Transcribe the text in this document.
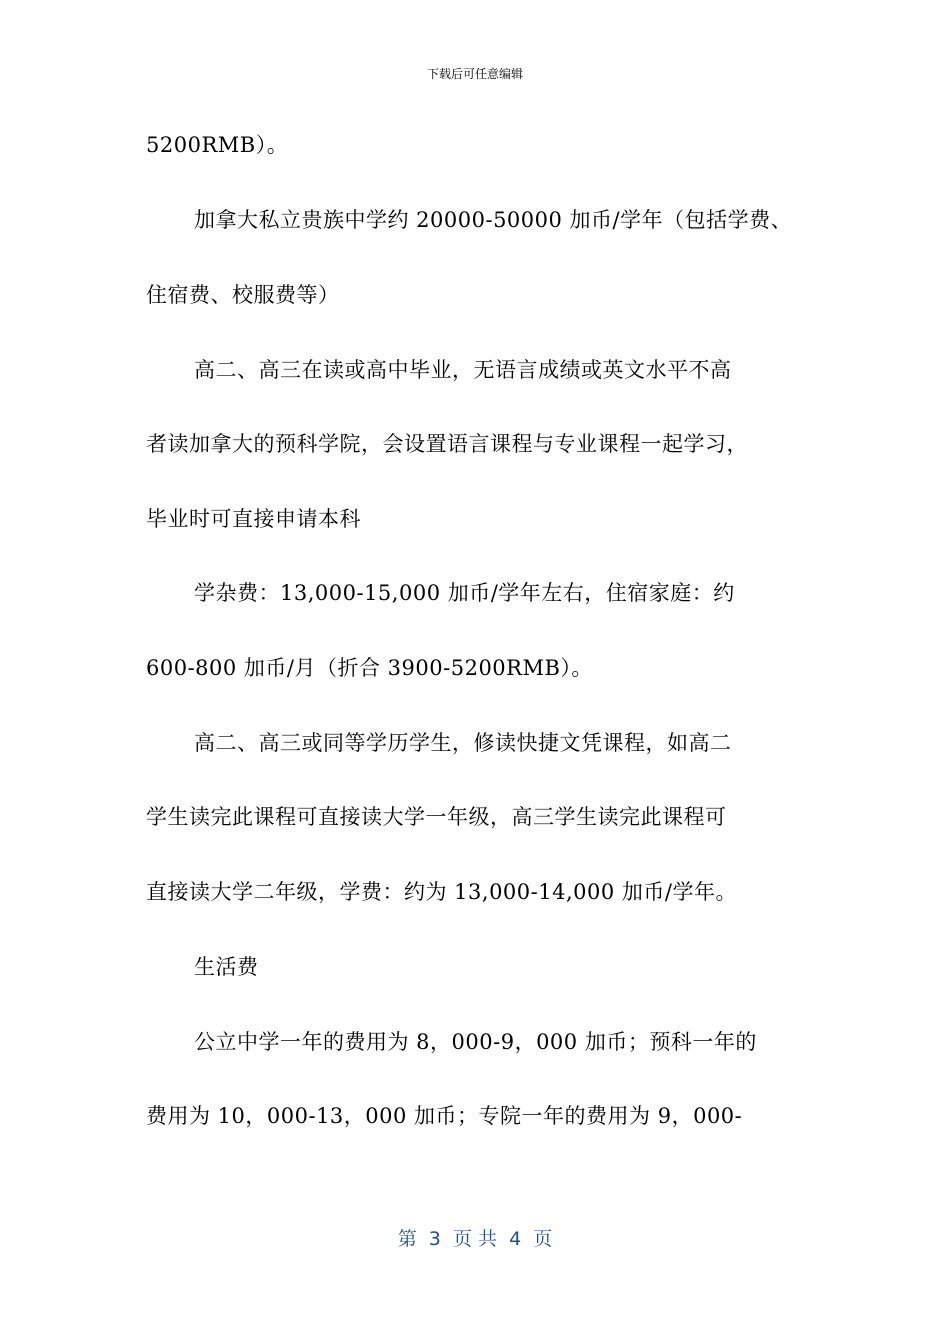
下载后可任意编辑
5200RMB）。
加拿大私立贵族中学约 20000-50000 加币/学年（包括学费、
住宿费、校服费等）
高二、高三在读或高中毕业，无语言成绩或英文水平不高
者读加拿大的预科学院，会设置语言课程与专业课程一起学习，
毕业时可直接申请本科
学杂费：13,000-15,000 加币/学年左右，住宿家庭：约
600-800 加币/月（折合 3900-5200RMB）。
高二、高三或同等学历学生，修读快捷文凭课程，如高二
学生读完此课程可直接读大学一年级，高三学生读完此课程可
直接读大学二年级，学费：约为 13,000-14,000 加币/学年。
生活费
公立中学一年的费用为 8，000-9，000 加币；预科一年的
费用为 10，000-13，000 加币；专院一年的费用为 9，000-
第  3  页 共  4  页
